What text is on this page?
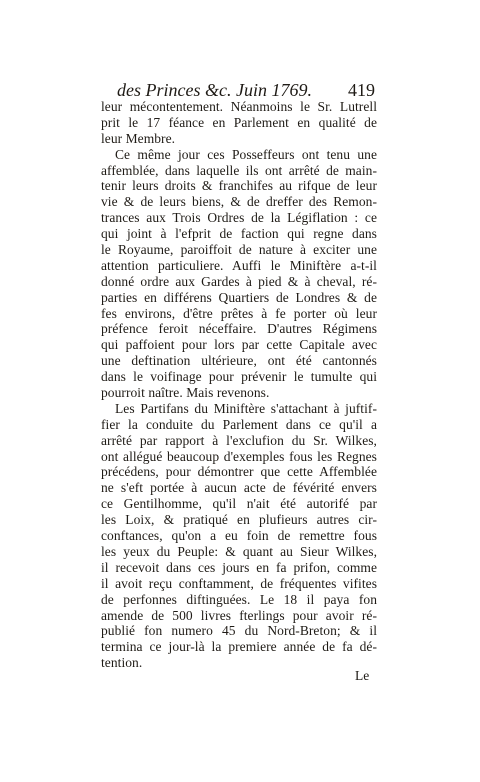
des Princes &c. Juin 1769. 419
leur mécontentement. Néanmoins le Sr. Lutrell
prit le 17 féance en Parlement en qualité de
leur Membre.
Ce même jour ces Posseffeurs ont tenu une
affemblée, dans laquelle ils ont arrêté de main-
tenir leurs droits & franchifes au rifque de leur
vie & de leurs biens, & de dreffer des Remon-
trances aux Trois Ordres de la Légiflation : ce
qui joint à l'efprit de faction qui regne dans
le Royaume, paroiffoit de nature à exciter une
attention particuliere. Auffi le Miniftère a-t-il
donné ordre aux Gardes à pied & à cheval, ré-
parties en différens Quartiers de Londres & de
fes environs, d'être prêtes à fe porter où leur
préfence feroit néceffaire. D'autres Régimens
qui paffoient pour lors par cette Capitale avec
une deftination ultérieure, ont été cantonnés
dans le voifinage pour prévenir le tumulte qui
pourroit naître. Mais revenons.
Les Partifans du Miniftère s'attachant à juftif-
fier la conduite du Parlement dans ce qu'il a
arrêté par rapport à l'exclufion du Sr. Wilkes,
ont allégué beaucoup d'exemples fous les Regnes
précédens, pour démontrer que cette Affemblée
ne s'eft portée à aucun acte de févérité envers
ce Gentilhomme, qu'il n'ait été autorifé par
les Loix, & pratiqué en plufieurs autres cir-
conftances, qu'on a eu foin de remettre fous
les yeux du Peuple: & quant au Sieur Wilkes,
il recevoit dans ces jours en fa prifon, comme
il avoit reçu conftamment, de fréquentes vifites
de perfonnes diftinguées. Le 18 il paya fon
amende de 500 livres fterlings pour avoir ré-
publié fon numero 45 du Nord-Breton; & il
termina ce jour-là la premiere année de fa dé-
tention.
Le
